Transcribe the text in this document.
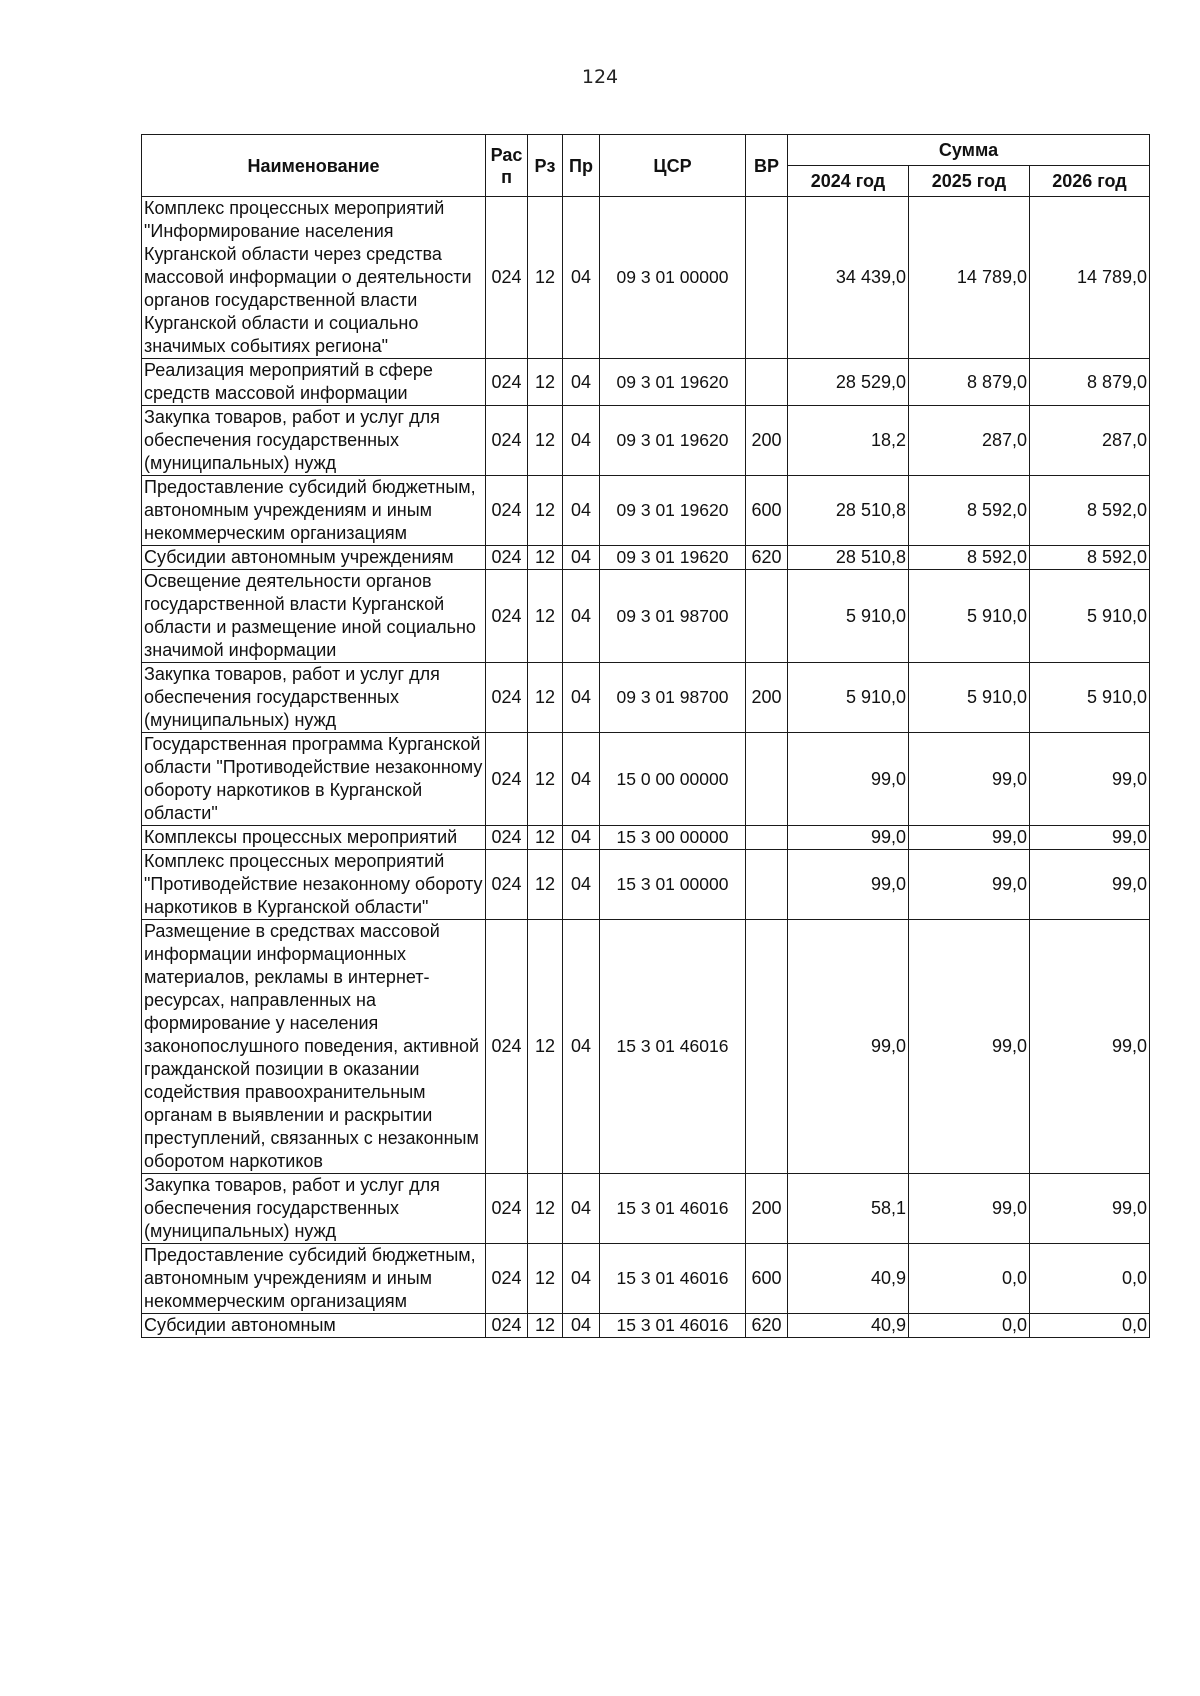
124
Наименование	Рас п	Рз	Пр	ЦСР	ВР	Сумма		
						2024 год	2025 год	2026 год
Комплекс процессных мероприятий "Информирование населения Курганской области через средства массовой информации о деятельности органов государственной власти Курганской области и социально значимых событиях региона"	024	12	04	09 3 01 00000		34 439,0	14 789,0	14 789,0
Реализация мероприятий в сфере средств массовой информации	024	12	04	09 3 01 19620		28 529,0	8 879,0	8 879,0
Закупка товаров, работ и услуг для обеспечения государственных (муниципальных) нужд	024	12	04	09 3 01 19620	200	18,2	287,0	287,0
Предоставление субсидий бюджетным, автономным учреждениям и иным некоммерческим организациям	024	12	04	09 3 01 19620	600	28 510,8	8 592,0	8 592,0
Субсидии автономным учреждениям	024	12	04	09 3 01 19620	620	28 510,8	8 592,0	8 592,0
Освещение деятельности органов государственной власти Курганской области и размещение иной социально значимой информации	024	12	04	09 3 01 98700		5 910,0	5 910,0	5 910,0
Закупка товаров, работ и услуг для обеспечения государственных (муниципальных) нужд	024	12	04	09 3 01 98700	200	5 910,0	5 910,0	5 910,0
Государственная программа Курганской области "Противодействие незаконному обороту наркотиков в Курганской области"	024	12	04	15 0 00 00000		99,0	99,0	99,0
Комплексы процессных мероприятий	024	12	04	15 3 00 00000		99,0	99,0	99,0
Комплекс процессных мероприятий "Противодействие незаконному обороту наркотиков в Курганской области"	024	12	04	15 3 01 00000		99,0	99,0	99,0
Размещение в средствах массовой информации информационных материалов, рекламы в интернет-ресурсах, направленных на формирование у населения законопослушного поведения, активной гражданской позиции в оказании содействия правоохранительным органам в выявлении и раскрытии преступлений, связанных с незаконным оборотом наркотиков	024	12	04	15 3 01 46016		99,0	99,0	99,0
Закупка товаров, работ и услуг для обеспечения государственных (муниципальных) нужд	024	12	04	15 3 01 46016	200	58,1	99,0	99,0
Предоставление субсидий бюджетным, автономным учреждениям и иным некоммерческим организациям	024	12	04	15 3 01 46016	600	40,9	0,0	0,0
Субсидии автономным	024	12	04	15 3 01 46016	620	40,9	0,0	0,0
